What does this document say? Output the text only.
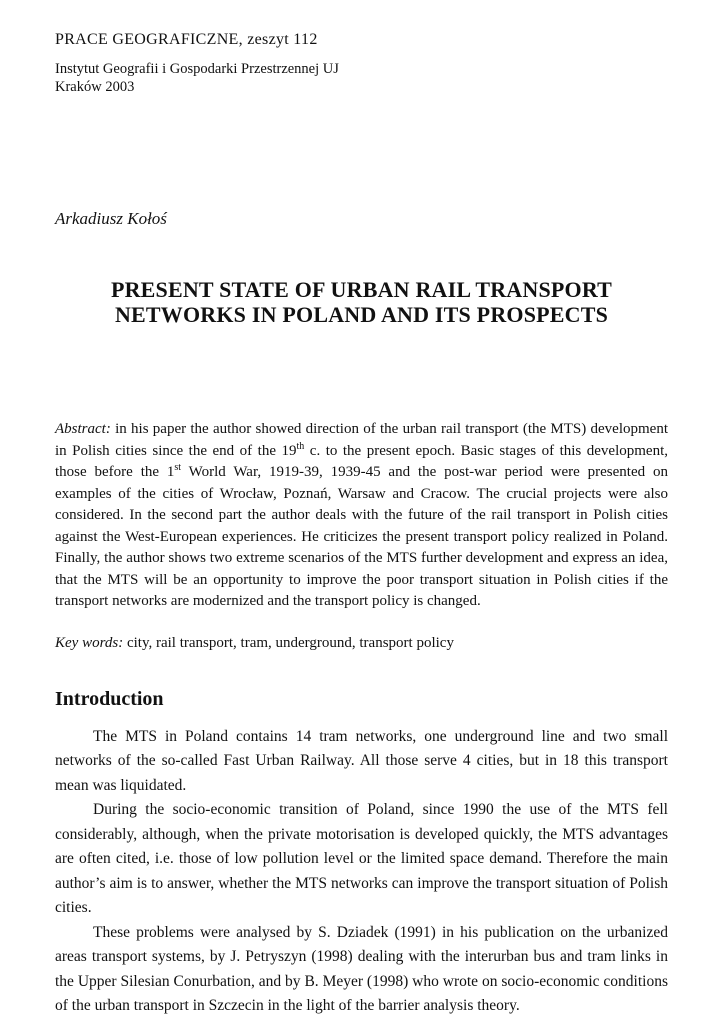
PRACE GEOGRAFICZNE, zeszyt 112

Instytut Geografii i Gospodarki Przestrzennej UJ

Kraków 2003

Arkadiusz Kołoś

PRESENT STATE OF URBAN RAIL TRANSPORT
NETWORKS IN POLAND AND ITS PROSPECTS

Abstract: in his paper the author showed direction of the urban rail transport (the MTS) development in Polish cities since the end of the 19th c. to the present epoch. Basic stages of this development, those before the 1st World War, 1919-39, 1939-45 and the post-war period were presented on examples of the cities of Wrocław, Poznań, Warsaw and Cracow. The crucial projects were also considered. In the second part the author deals with the future of the rail transport in Polish cities against the West-European experiences. He criticizes the present transport policy realized in Poland. Finally, the author shows two extreme scenarios of the MTS further development and express an idea, that the MTS will be an opportunity to improve the poor transport situation in Polish cities if the transport networks are modernized and the transport policy is changed.

Key words: city, rail transport, tram, underground, transport policy

Introduction

The MTS in Poland contains 14 tram networks, one underground line and two small networks of the so-called Fast Urban Railway. All those serve 4 cities, but in 18 this transport mean was liquidated.

During the socio-economic transition of Poland, since 1990 the use of the MTS fell considerably, although, when the private motorisation is developed quickly, the MTS advantages are often cited, i.e. those of low pollution level or the limited space demand. Therefore the main author’s aim is to answer, whether the MTS networks can improve the transport situation of Polish cities.

These problems were analysed by S. Dziadek (1991) in his publication on the urbanized areas transport systems, by J. Petryszyn (1998) dealing with the interurban bus and tram links in the Upper Silesian Conurbation, and by B. Meyer (1998) who wrote on socio-economic conditions of the urban transport in Szczecin in the light of the barrier analysis theory.
